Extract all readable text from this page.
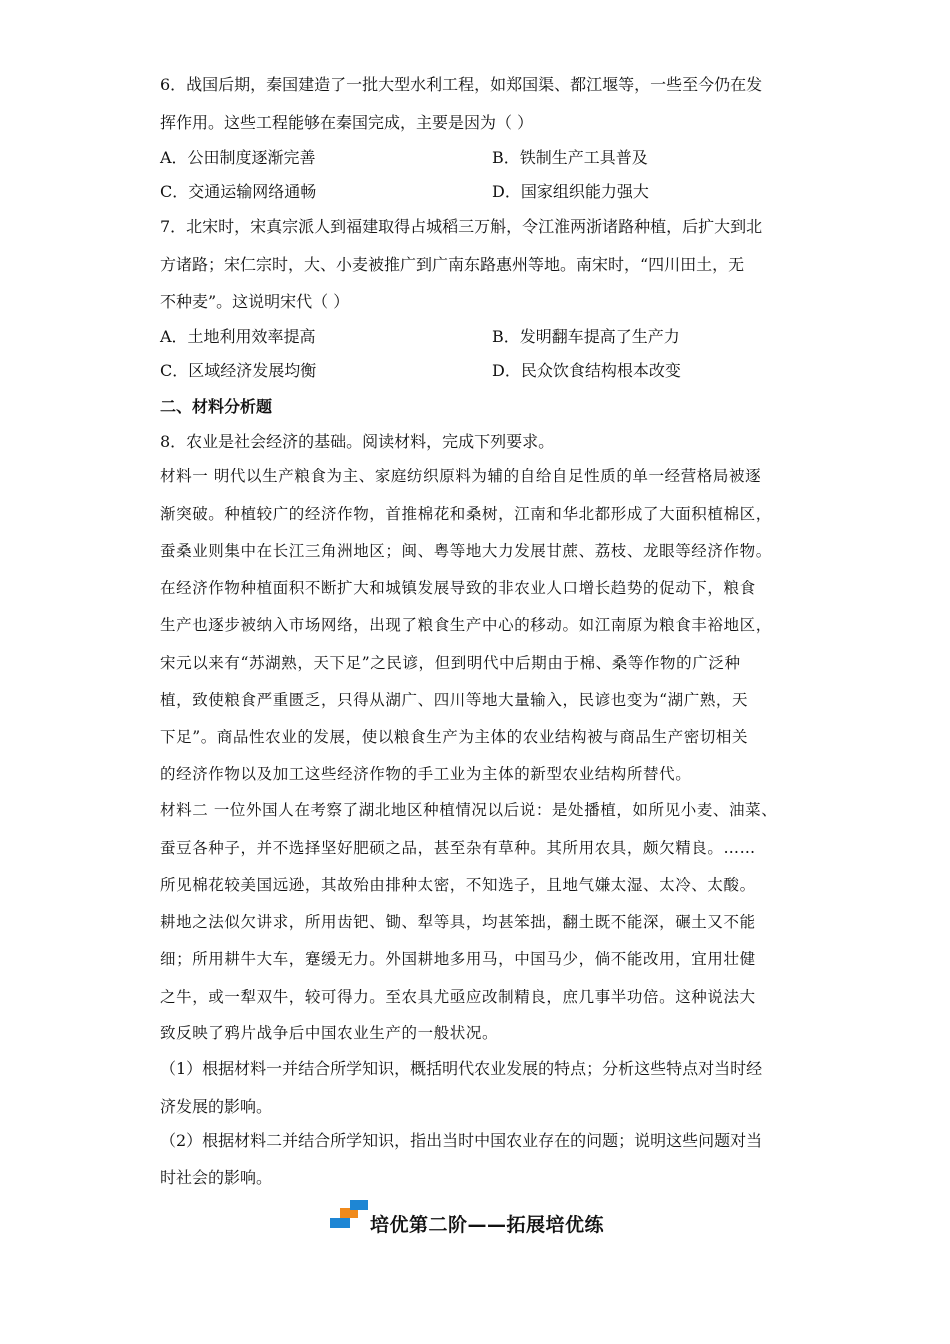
6．战国后期，秦国建造了一批大型水利工程，如郑国渠、都江堰等，一些至今仍在发
挥作用。这些工程能够在秦国完成，主要是因为（ ）
A．公田制度逐渐完善	B．铁制生产工具普及
C．交通运输网络通畅	D．国家组织能力强大
7．北宋时，宋真宗派人到福建取得占城稻三万斛，令江淮两浙诸路种植，后扩大到北
方诸路；宋仁宗时，大、小麦被推广到广南东路惠州等地。南宋时，“四川田土，无
不种麦”。这说明宋代（ ）
A．土地利用效率提高	B．发明翻车提高了生产力
C．区域经济发展均衡	D．民众饮食结构根本改变
二、材料分析题
8．农业是社会经济的基础。阅读材料，完成下列要求。
材料一 明代以生产粮食为主、家庭纺织原料为辅的自给自足性质的单一经营格局被逐
渐突破。种植较广的经济作物，首推棉花和桑树，江南和华北都形成了大面积植棉区，
蚕桑业则集中在长江三角洲地区；闽、粤等地大力发展甘蔗、荔枝、龙眼等经济作物。
在经济作物种植面积不断扩大和城镇发展导致的非农业人口增长趋势的促动下，粮食
生产也逐步被纳入市场网络，出现了粮食生产中心的移动。如江南原为粮食丰裕地区，
宋元以来有“苏湖熟，天下足”之民谚，但到明代中后期由于棉、桑等作物的广泛种
植，致使粮食严重匮乏，只得从湖广、四川等地大量输入，民谚也变为“湖广熟，天
下足”。商品性农业的发展，使以粮食生产为主体的农业结构被与商品生产密切相关
的经济作物以及加工这些经济作物的手工业为主体的新型农业结构所替代。
材料二 一位外国人在考察了湖北地区种植情况以后说：是处播植，如所见小麦、油菜、
蚕豆各种子，并不选择坚好肥硕之品，甚至杂有草种。其所用农具，颇欠精良。……
所见棉花较美国远逊，其故殆由排种太密，不知选子，且地气嫌太湿、太冷、太酸。
耕地之法似欠讲求，所用齿钯、锄、犁等具，均甚笨拙，翻土既不能深，碾土又不能
细；所用耕牛大车，蹇缓无力。外国耕地多用马，中国马少，倘不能改用，宜用壮健
之牛，或一犁双牛，较可得力。至农具尤亟应改制精良，庶几事半功倍。这种说法大
致反映了鸦片战争后中国农业生产的一般状况。
（1）根据材料一并结合所学知识，概括明代农业发展的特点；分析这些特点对当时经
济发展的影响。
（2）根据材料二并结合所学知识，指出当时中国农业存在的问题；说明这些问题对当
时社会的影响。
培优第二阶——拓展培优练
